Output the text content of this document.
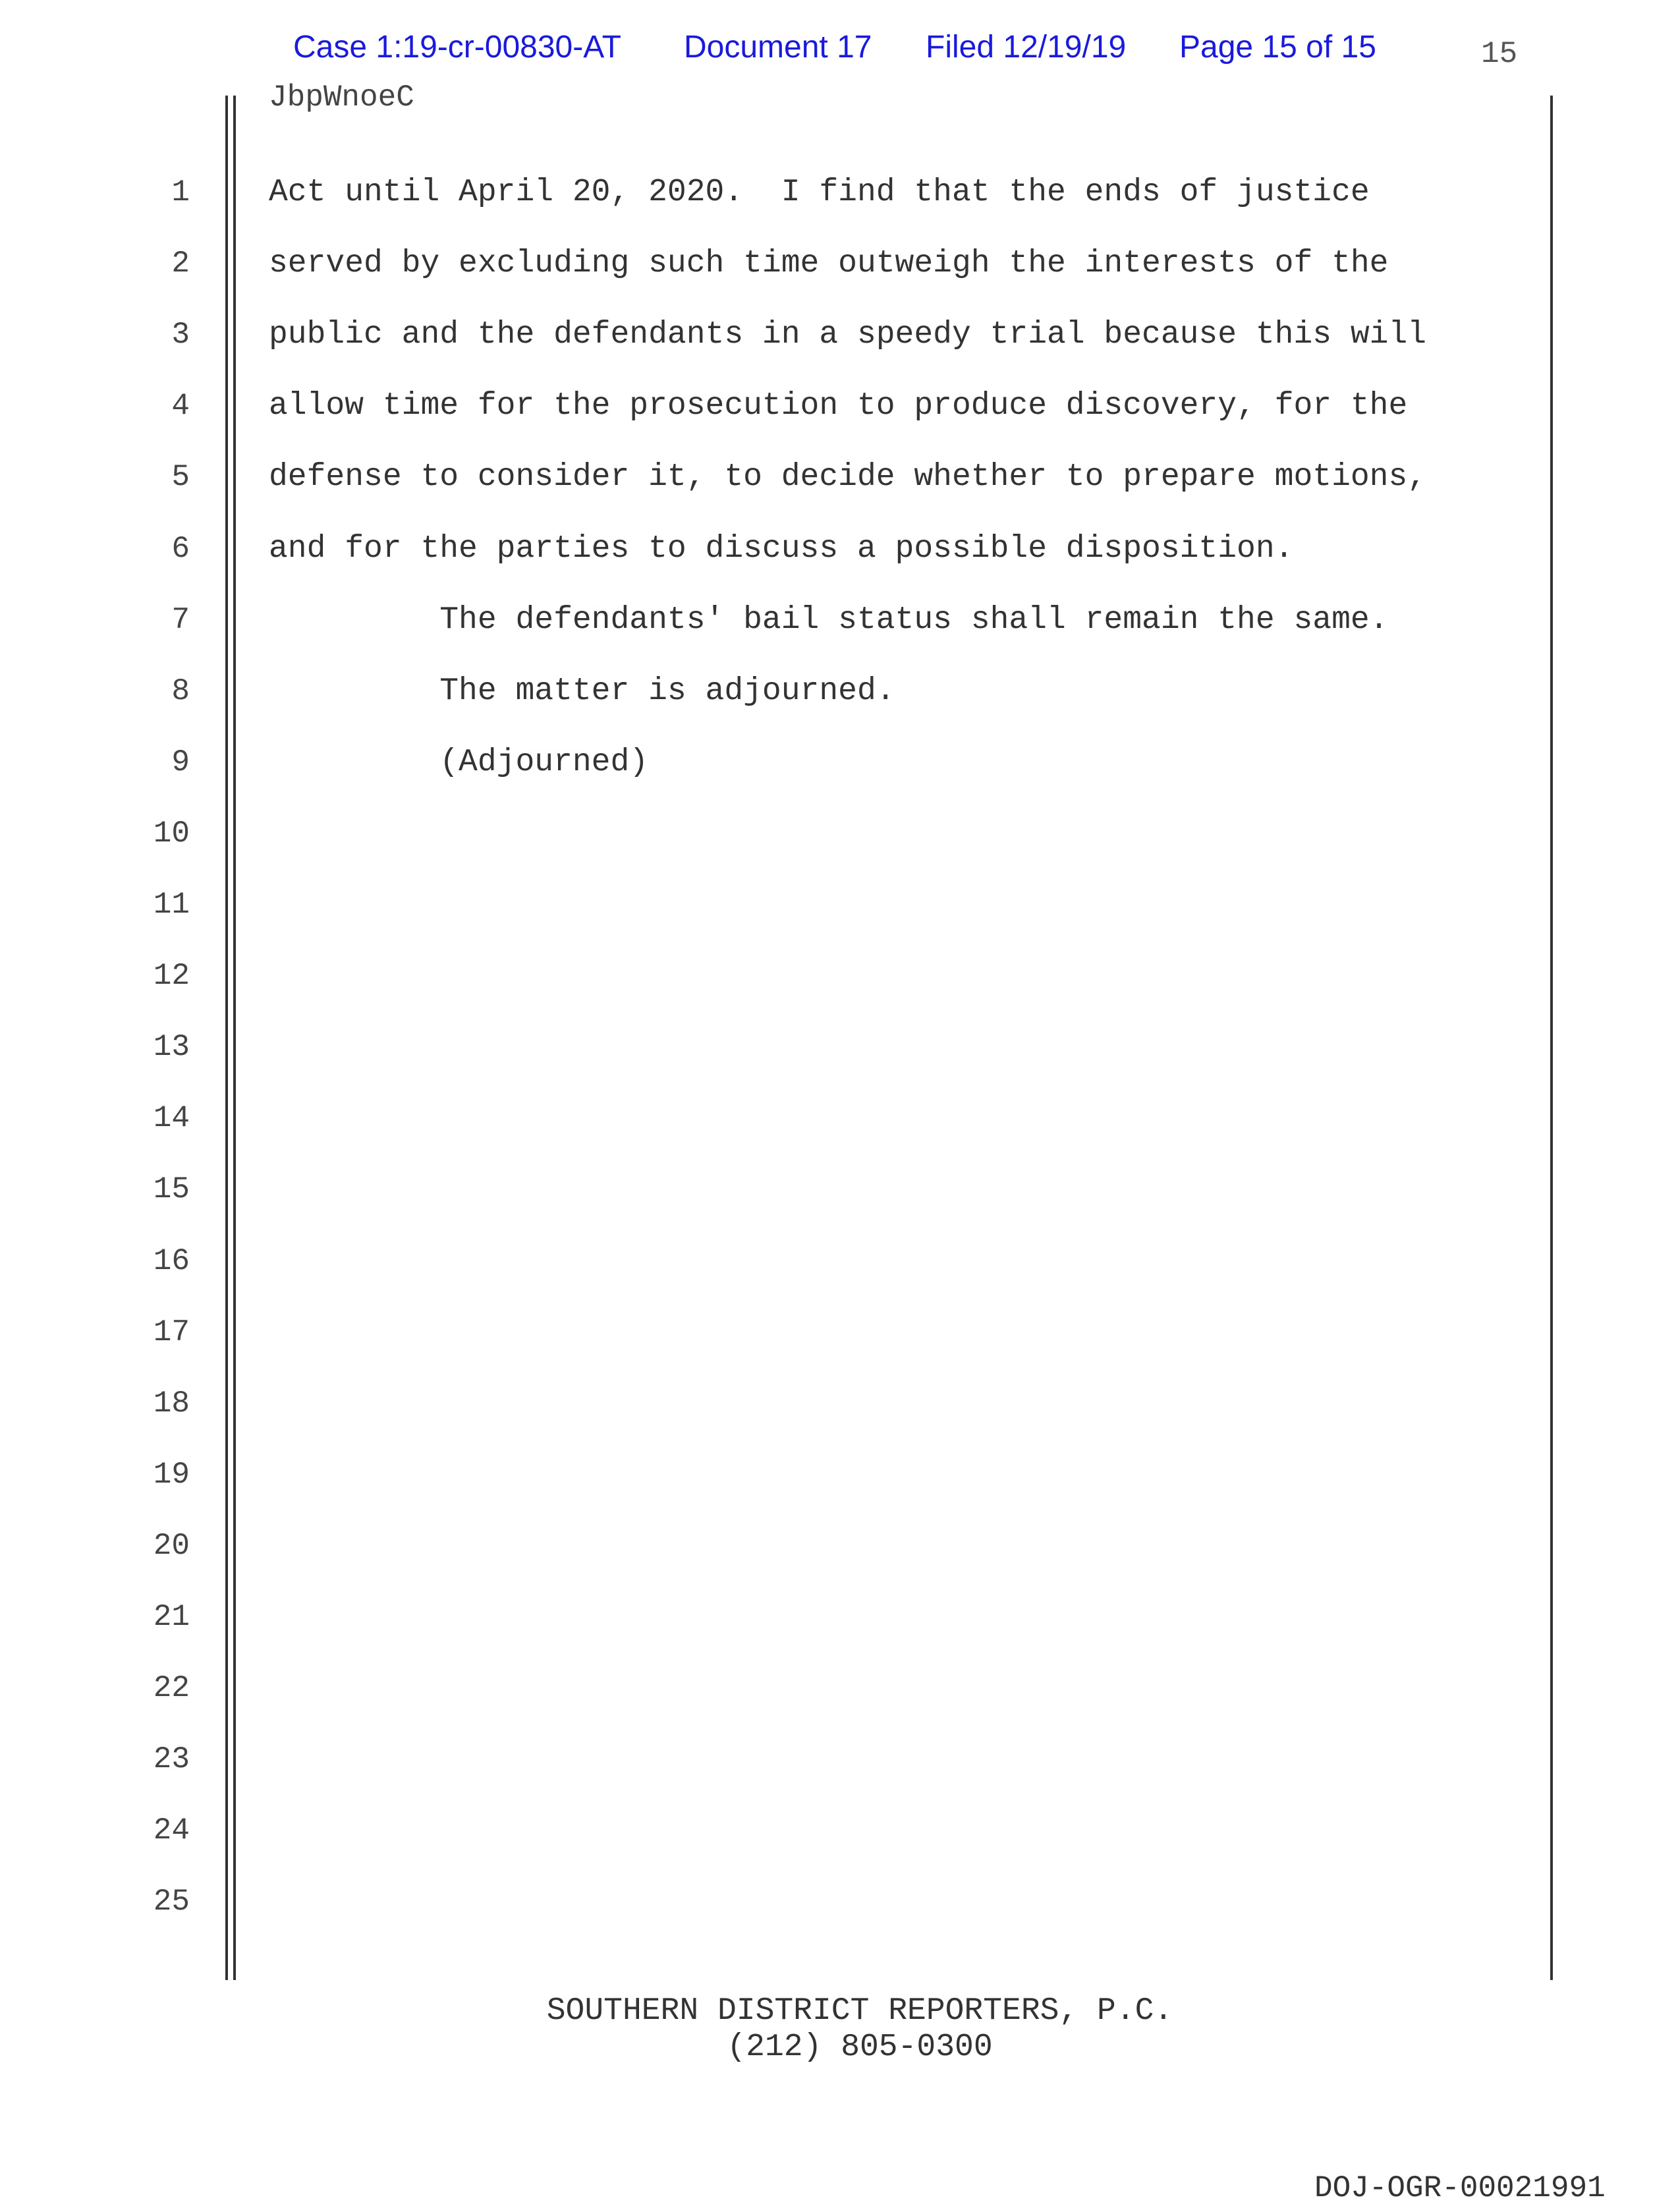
Case 1:19-cr-00830-AT Document 17 Filed 12/19/19 Page 15 of 15	15
JbpWnoeC
1	Act until April 20, 2020.  I find that the ends of justice
2	served by excluding such time outweigh the interests of the
3	public and the defendants in a speedy trial because this will
4	allow time for the prosecution to produce discovery, for the
5	defense to consider it, to decide whether to prepare motions,
6	and for the parties to discuss a possible disposition.
7	The defendants' bail status shall remain the same.
8	The matter is adjourned.
9	(Adjourned)
10
11
12
13
14
15
16
17
18
19
20
21
22
23
24
25
SOUTHERN DISTRICT REPORTERS, P.C.
(212) 805-0300
DOJ-OGR-00021991
